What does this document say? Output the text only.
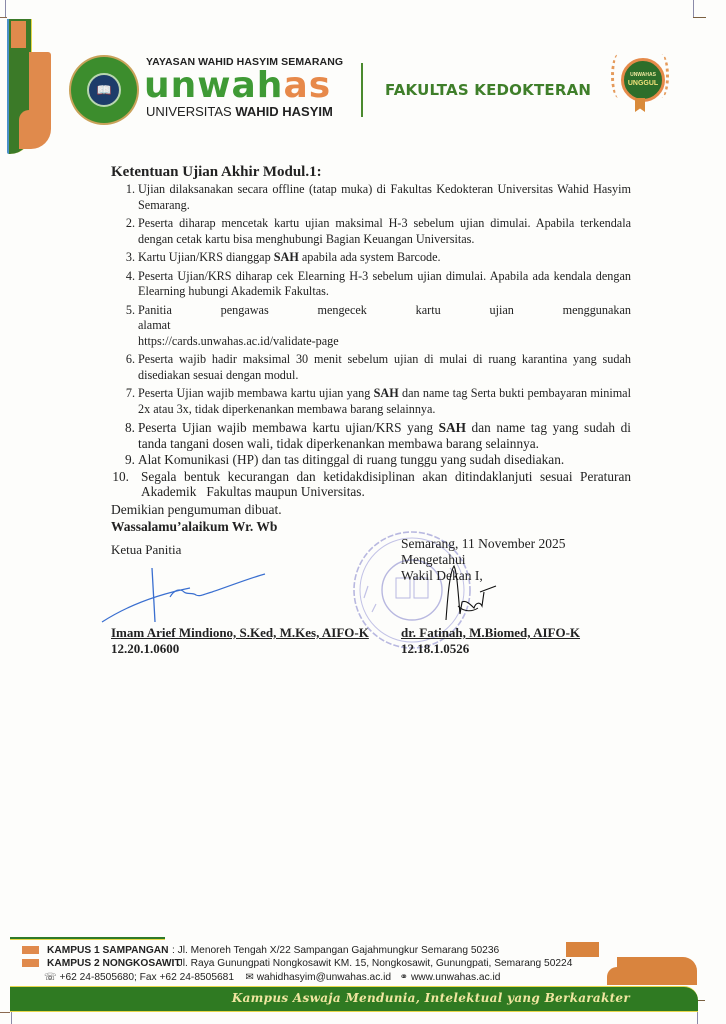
📖
YAYASAN WAHID HASYIM SEMARANG
unwahas
UNIVERSITAS WAHID HASYIM
FAKULTAS KEDOKTERAN
UNWAHAS
UNGGUL
Ketentuan Ujian Akhir Modul.1:
1. Ujian dilaksanakan secara offline (tatap muka) di Fakultas Kedokteran Universitas Wahid Hasyim Semarang.
2. Peserta diharap mencetak kartu ujian maksimal H-3 sebelum ujian dimulai. Apabila terkendala dengan cetak kartu bisa menghubungi Bagian Keuangan Universitas.
3. Kartu Ujian/KRS dianggap SAH apabila ada system Barcode.
4. Peserta Ujian/KRS diharap cek Elearning H-3 sebelum ujian dimulai. Apabila ada kendala dengan Elearning hubungi Akademik Fakultas.
5. Panitia pengawas mengecek kartu ujian menggunakan alamat
https://cards.unwahas.ac.id/validate-page
6. Peserta wajib hadir maksimal 30 menit sebelum ujian di mulai di ruang karantina yang sudah disediakan sesuai dengan modul.
7. Peserta Ujian wajib membawa kartu ujian yang SAH dan name tag Serta bukti pembayaran minimal 2x atau 3x, tidak diperkenankan membawa barang selainnya.
8. Peserta Ujian wajib membawa kartu ujian/KRS yang SAH dan name tag yang sudah di tanda tangani dosen wali, tidak diperkenankan membawa barang selainnya.
9. Alat Komunikasi (HP) dan tas ditinggal di ruang tunggu yang sudah disediakan.
10. Segala bentuk kecurangan dan ketidakdisiplinan akan ditindaklanjuti sesuai Peraturan Akademik   Fakultas maupun Universitas.
Demikian pengumuman dibuat.
Wassalamu’alaikum Wr. Wb
Ketua Panitia
Imam Arief Mindiono, S.Ked, M.Kes, AIFO-K
12.20.1.0600
Semarang, 11 November 2025
Mengetahui
Wakil Dekan I,
dr. Fatinah, M.Biomed, AIFO-K
12.18.1.0526
KAMPUS 1 SAMPANGAN : Jl. Menoreh Tengah X/22 Sampangan Gajahmungkur Semarang 50236
KAMPUS 2 NONGKOSAWIT: Jl. Raya Gunungpati Nongkosawit KM. 15, Nongkosawit, Gunungpati, Semarang 50224
☏ +62 24-8505680; Fax +62 24-8505681 ✉ wahidhasyim@unwahas.ac.id ⚭ www.unwahas.ac.id
Kampus Aswaja Mendunia, Intelektual yang Berkarakter
